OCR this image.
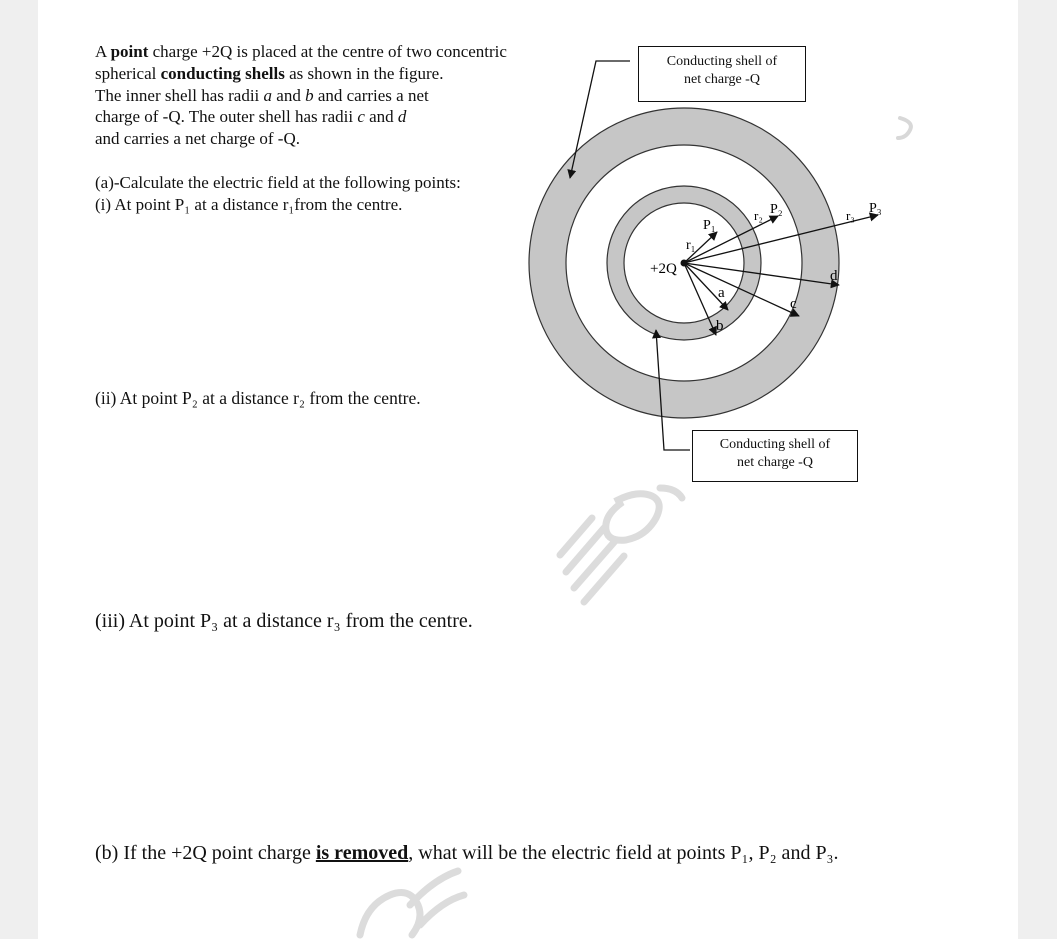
A point charge +2Q is placed at the centre of two concentric

spherical conducting shells as shown in the figure.

The inner shell has radii a and b and carries a net

charge of -Q. The outer shell has radii c and d

and carries a net charge of -Q.

(a)-Calculate the electric field at the following points:
(i) At point P₁ at a distance r₁from the centre.
(ii) At point P₂ at a distance r₂ from the centre.
(iii) At point P₃ at a distance r₃ from the centre.
(b) If the +2Q point charge is removed, what will be the electric field at points P₁, P₂ and P₃.
+2Q
r₁
P₁
r₂ P₂	r₃ P₃
d
c
a
b
Conducting shell of
net charge -Q
Conducting shell of
net charge -Q
